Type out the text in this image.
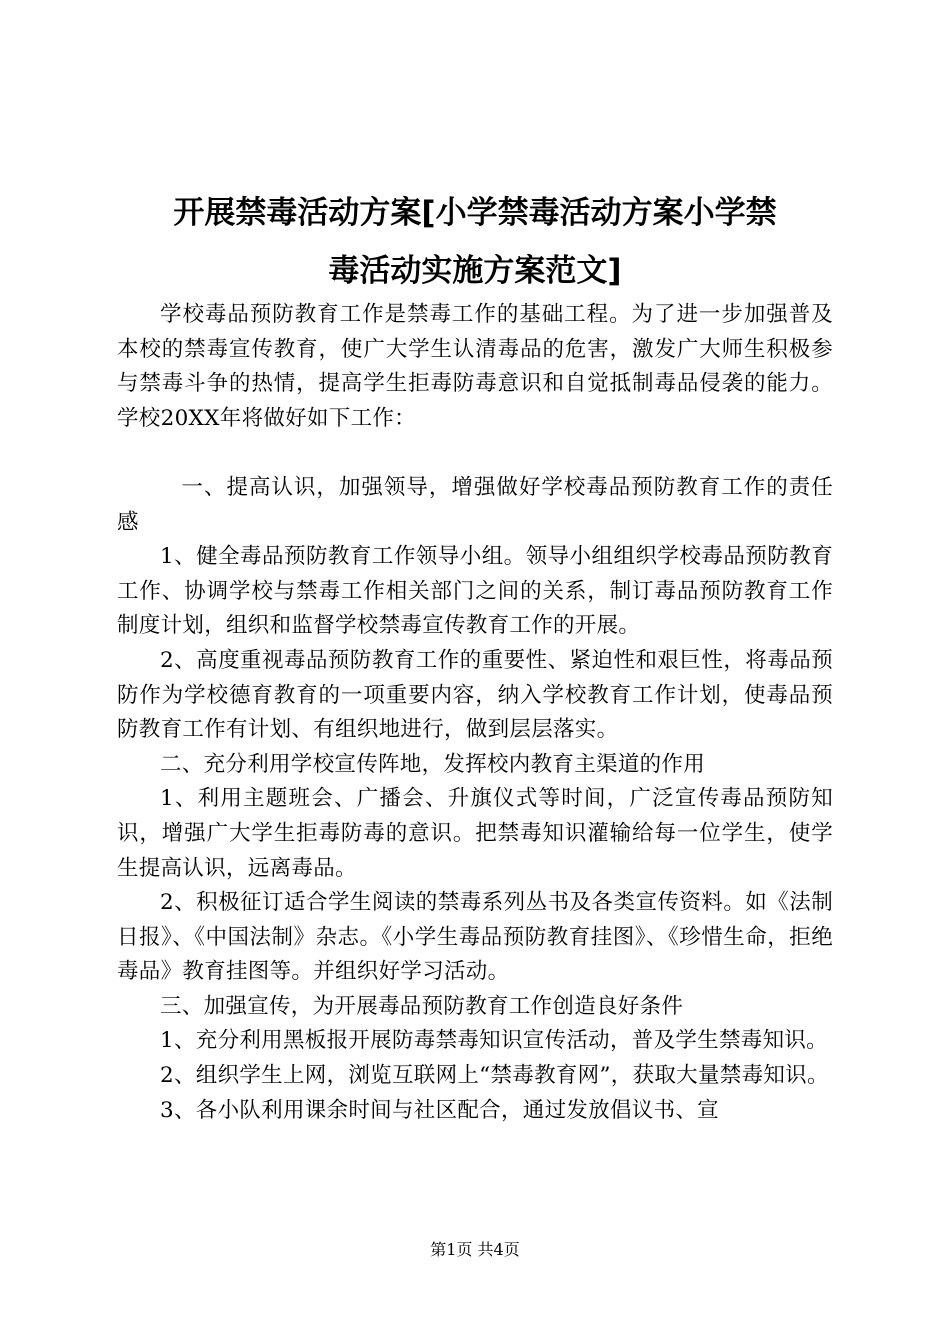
开展禁毒活动方案[小学禁毒活动方案小学禁
毒活动实施方案范文]

学校毒品预防教育工作是禁毒工作的基础工程。为了进一步加强普及本校的禁毒宣传教育，使广大学生认清毒品的危害，激发广大师生积极参与禁毒斗争的热情，提高学生拒毒防毒意识和自觉抵制毒品侵袭的能力。学校20XX年将做好如下工作：

一、提高认识，加强领导，增强做好学校毒品预防教育工作的责任感

1、健全毒品预防教育工作领导小组。领导小组组织学校毒品预防教育工作、协调学校与禁毒工作相关部门之间的关系，制订毒品预防教育工作制度计划，组织和监督学校禁毒宣传教育工作的开展。

2、高度重视毒品预防教育工作的重要性、紧迫性和艰巨性，将毒品预防作为学校德育教育的一项重要内容，纳入学校教育工作计划，使毒品预防教育工作有计划、有组织地进行，做到层层落实。

二、充分利用学校宣传阵地，发挥校内教育主渠道的作用

1、利用主题班会、广播会、升旗仪式等时间，广泛宣传毒品预防知识，增强广大学生拒毒防毒的意识。把禁毒知识灌输给每一位学生，使学生提高认识，远离毒品。

2、积极征订适合学生阅读的禁毒系列丛书及各类宣传资料。如《法制日报》、《中国法制》杂志。《小学生毒品预防教育挂图》、《珍惜生命，拒绝毒品》教育挂图等。并组织好学习活动。

三、加强宣传，为开展毒品预防教育工作创造良好条件

1、充分利用黑板报开展防毒禁毒知识宣传活动，普及学生禁毒知识。

2、组织学生上网，浏览互联网上“禁毒教育网”，获取大量禁毒知识。

3、各小队利用课余时间与社区配合，通过发放倡议书、宣

第1页 共4页
